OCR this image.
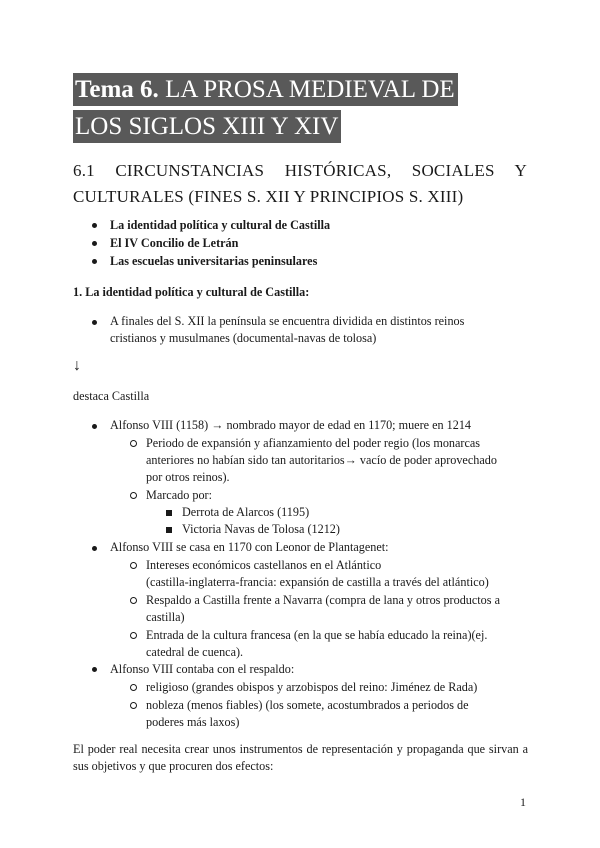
Tema 6. LA PROSA MEDIEVAL DE
LOS SIGLOS XIII Y XIV
6.1 CIRCUNSTANCIAS HISTÓRICAS, SOCIALES Y
CULTURALES (FINES S. XII Y PRINCIPIOS S. XIII)
La identidad política y cultural de Castilla
El IV Concilio de Letrán
Las escuelas universitarias peninsulares
1. La identidad política y cultural de Castilla:
A finales del S. XII la península se encuentra dividida en distintos reinos
cristianos y musulmanes (documental-navas de tolosa)
↓
destaca Castilla
Alfonso VIII (1158) → nombrado mayor de edad en 1170; muere en 1214
Periodo de expansión y afianzamiento del poder regio (los monarcas
anteriores no habían sido tan autoritarios→ vacío de poder aprovechado
por otros reinos).
Marcado por:
Derrota de Alarcos (1195)
Victoria Navas de Tolosa (1212)
Alfonso VIII se casa en 1170 con Leonor de Plantagenet:
Intereses económicos castellanos en el Atlántico
(castilla-inglaterra-francia: expansión de castilla a través del atlántico)
Respaldo a Castilla frente a Navarra (compra de lana y otros productos a
castilla)
Entrada de la cultura francesa (en la que se había educado la reina)(ej.
catedral de cuenca).
Alfonso VIII contaba con el respaldo:
religioso (grandes obispos y arzobispos del reino: Jiménez de Rada)
nobleza (menos fiables) (los somete, acostumbrados a periodos de
poderes más laxos)
El poder real necesita crear unos instrumentos de representación y propaganda que sirvan a sus objetivos y que procuren dos efectos:
1
